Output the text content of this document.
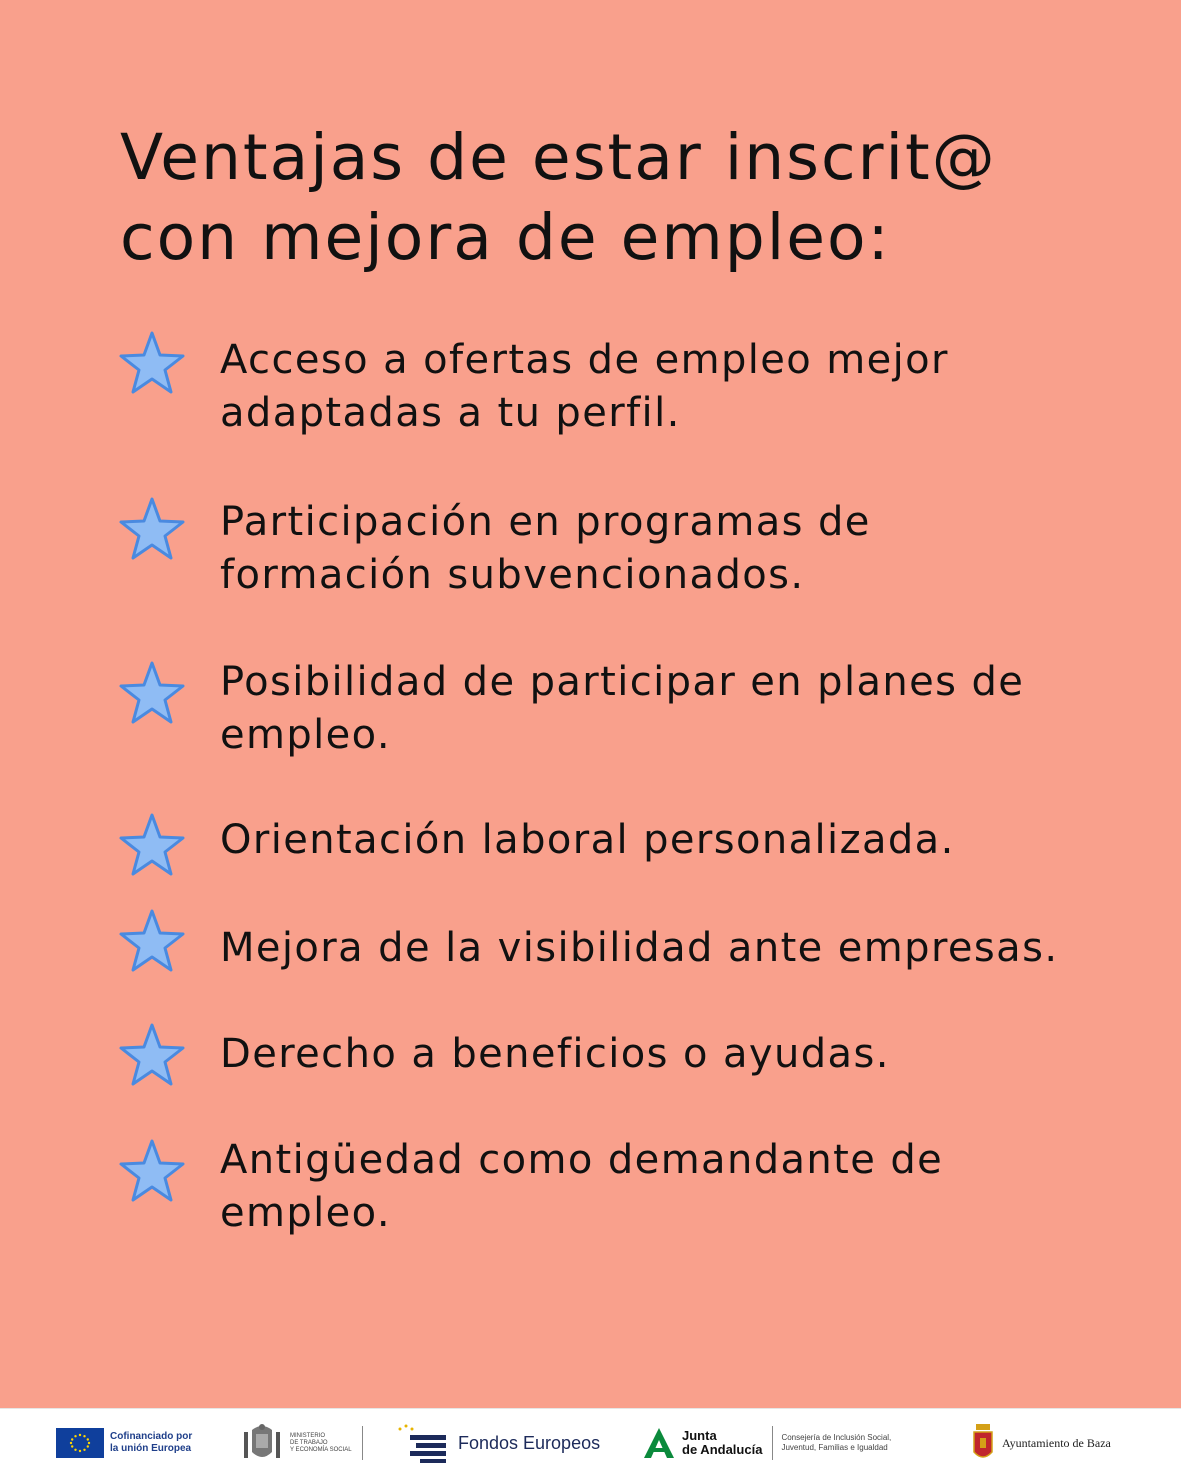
Ventajas de estar inscrit@
con mejora de empleo:
Acceso a ofertas de empleo mejor
adaptadas a tu perfil.
Participación en programas de
formación subvencionados.
Posibilidad de participar en planes de
empleo.
Orientación laboral personalizada.
Mejora de la visibilidad ante empresas.
Derecho a beneficios o ayudas.
Antigüedad como demandante de
empleo.
Cofinanciado por
la unión Europea
MINISTERIO
DE TRABAJO
Y ECONOMÍA SOCIAL	Fondos Europeos	Junta
de Andalucía
Consejería de Inclusión Social,
Juventud, Familias e Igualdad	Ayuntamiento de Baza
